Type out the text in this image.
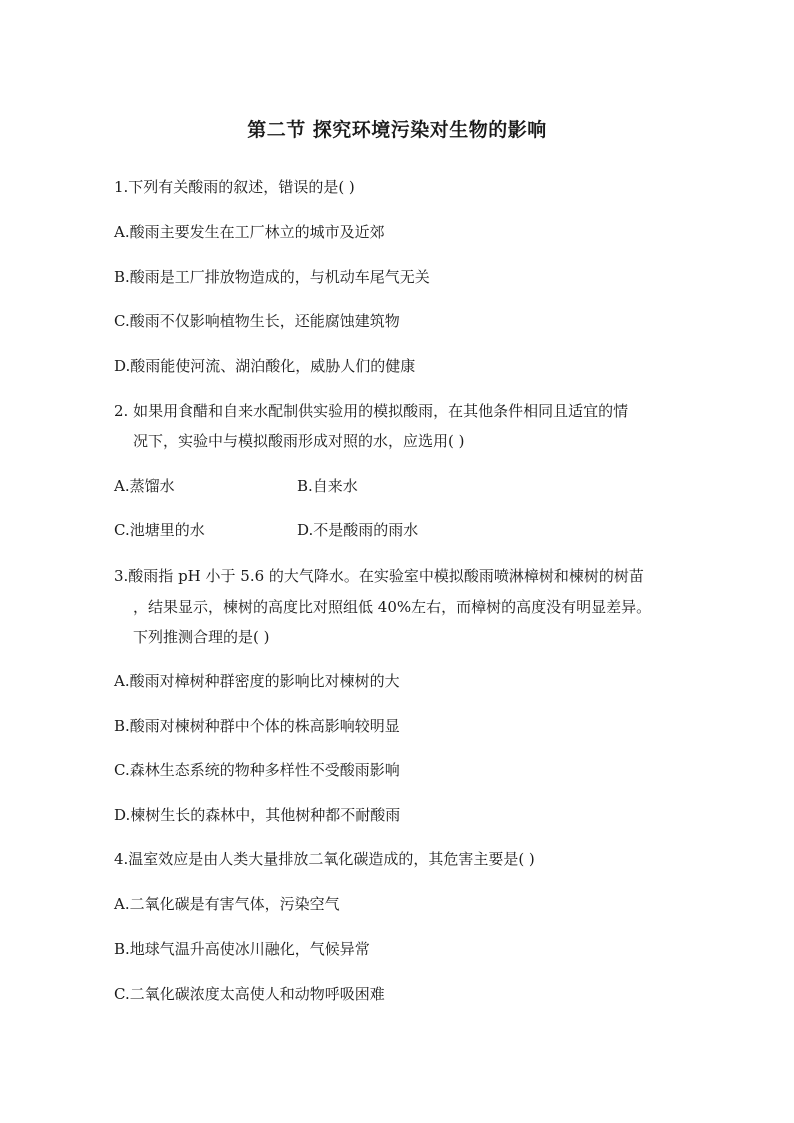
第二节 探究环境污染对生物的影响
1.下列有关酸雨的叙述，错误的是( )
A.酸雨主要发生在工厂林立的城市及近郊
B.酸雨是工厂排放物造成的，与机动车尾气无关
C.酸雨不仅影响植物生长，还能腐蚀建筑物
D.酸雨能使河流、湖泊酸化，威胁人们的健康
2. 如果用食醋和自来水配制供实验用的模拟酸雨，在其他条件相同且适宜的情
况下，实验中与模拟酸雨形成对照的水，应选用( )
A.蒸馏水	B.自来水
C.池塘里的水	D.不是酸雨的雨水
3.酸雨指 pH 小于 5.6 的大气降水。在实验室中模拟酸雨喷淋樟树和楝树的树苗
，结果显示，楝树的高度比对照组低 40%左右，而樟树的高度没有明显差异。
下列推测合理的是( )
A.酸雨对樟树种群密度的影响比对楝树的大
B.酸雨对楝树种群中个体的株高影响较明显
C.森林生态系统的物种多样性不受酸雨影响
D.楝树生长的森林中，其他树种都不耐酸雨
4.温室效应是由人类大量排放二氧化碳造成的，其危害主要是( )
A.二氧化碳是有害气体，污染空气
B.地球气温升高使冰川融化，气候异常
C.二氧化碳浓度太高使人和动物呼吸困难
